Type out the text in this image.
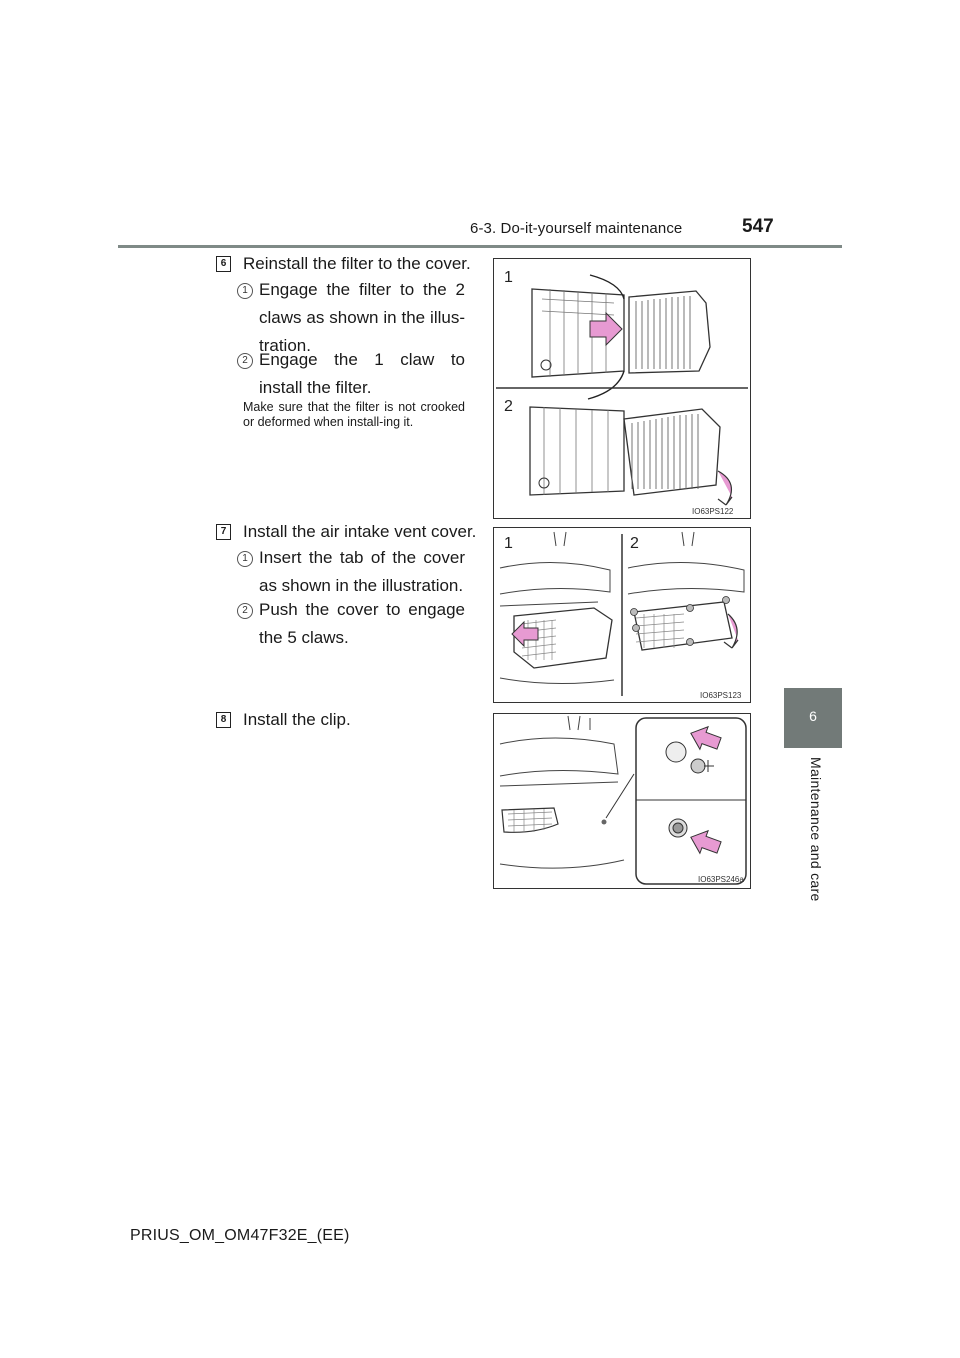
6-3. Do-it-yourself maintenance	547
6
Maintenance and care
6 Reinstall the filter to the cover.
1 Engage the filter to the 2 claws as shown in the illus-tration.
2 Engage the 1 claw to install the filter.
Make sure that the filter is not crooked or deformed when install-ing it.
1
2
IO63PS122
7 Install the air intake vent cover.
1 Insert the tab of the cover as shown in the illustration.
2 Push the cover to engage the 5 claws.
1	2
IO63PS123
8 Install the clip.
IO63PS246a
PRIUS_OM_OM47F32E_(EE)
